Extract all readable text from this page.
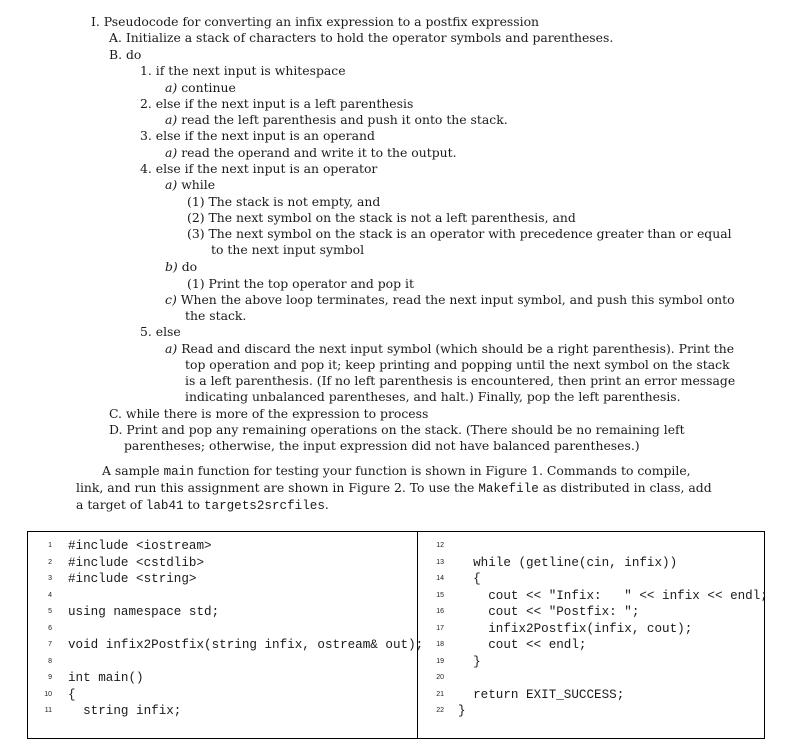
I. Pseudocode for converting an infix expression to a postfix expression
A. Initialize a stack of characters to hold the operator symbols and parentheses.
B. do
1. if the next input is whitespace
a) continue
2. else if the next input is a left parenthesis
a) read the left parenthesis and push it onto the stack.
3. else if the next input is an operand
a) read the operand and write it to the output.
4. else if the next input is an operator
a) while
(1) The stack is not empty, and
(2) The next symbol on the stack is not a left parenthesis, and
(3) The next symbol on the stack is an operator with precedence greater than or equal to the next input symbol
b) do
(1) Print the top operator and pop it
c) When the above loop terminates, read the next input symbol, and push this symbol onto the stack.
5. else
a) Read and discard the next input symbol (which should be a right parenthesis). Print the top operation and pop it; keep printing and popping until the next symbol on the stack is a left parenthesis. (If no left parenthesis is encountered, then print an error message indicating unbalanced parentheses, and halt.) Finally, pop the left parenthesis.
C. while there is more of the expression to process
D. Print and pop any remaining operations on the stack. (There should be no remaining left parentheses; otherwise, the input expression did not have balanced parentheses.)
A sample main function for testing your function is shown in Figure 1. Commands to compile, link, and run this assignment are shown in Figure 2. To use the Makefile as distributed in class, add a target of lab41 to targets2srcfiles.
1 #include <iostream>
2 #include <cstdlib>
3 #include <string>
4
5 using namespace std;
6
7 void infix2Postfix(string infix, ostream& out);
8
9 int main()
10 {
11 string infix;
12
13 while (getline(cin, infix))
14 {
15 cout << "Infix:   " << infix << endl;
16 cout << "Postfix: ";
17 infix2Postfix(infix, cout);
18 cout << endl;
19 }
20
21 return EXIT_SUCCESS;
22 }
